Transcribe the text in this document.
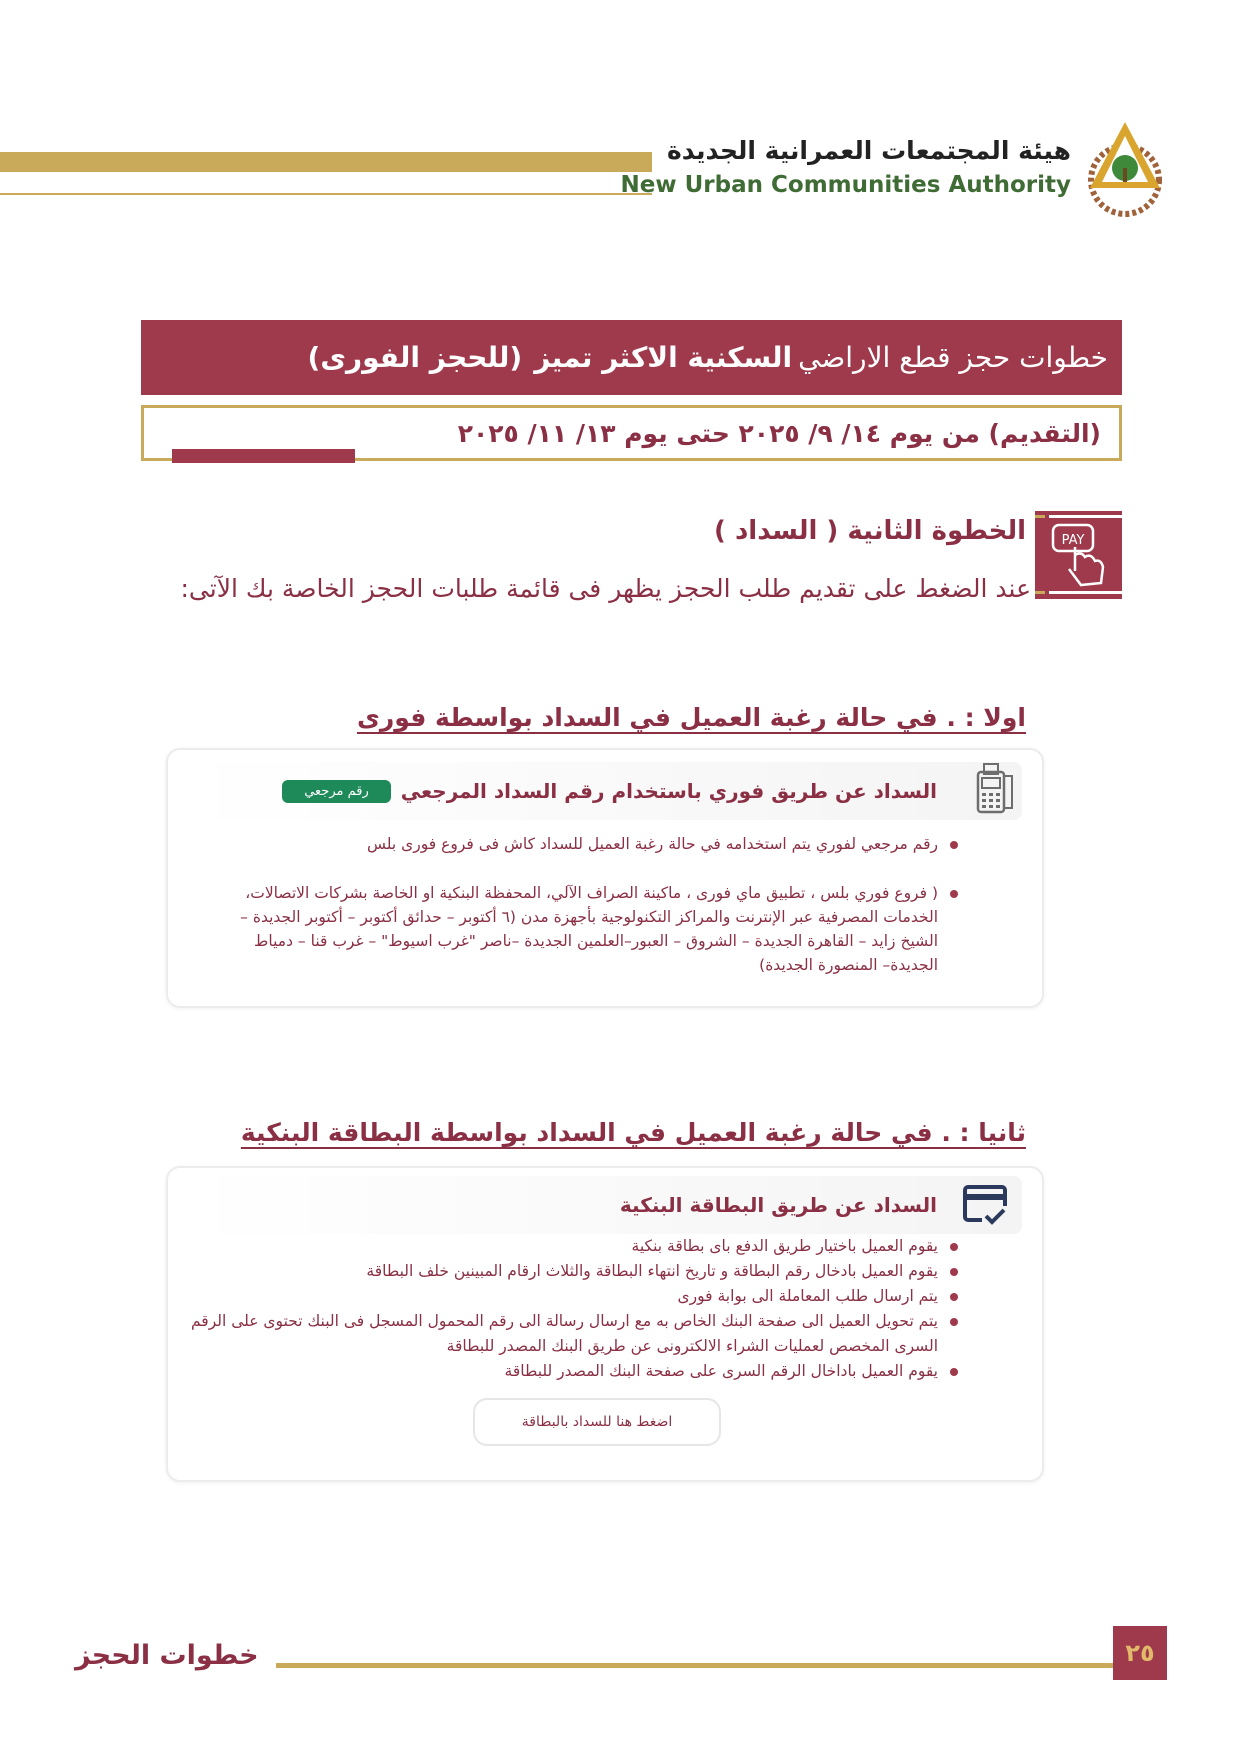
هيئة المجتمعات العمرانية الجديدة
New Urban Communities Authority
خطوات حجز قطع الاراضي
السكنية الاكثر تميز
(للحجز الفورى)
(التقديم) من يوم ١٤/ ٩/ ٢٠٢٥ حتى يوم ١٣/ ١١/ ٢٠٢٥
PAY
الخطوة الثانية ( السداد )
عند الضغط على تقديم طلب الحجز يظهر فى قائمة طلبات الحجز الخاصة بك الآتى:
اولا : . في حالة رغبة العميل في السداد بواسطة فورى
السداد عن طريق فوري باستخدام رقم السداد المرجعي
رقم مرجعي
رقم مرجعي لفوري يتم استخدامه في حالة رغبة العميل للسداد كاش فى فروع فورى بلس
( فروع فوري بلس ، تطبيق ماي فورى ، ماكينة الصراف الآلي، المحفظة البنكية او الخاصة بشركات الاتصالات، الخدمات المصرفية عبر الإنترنت والمراكز التكنولوجية بأجهزة مدن (٦ أكتوبر – حدائق أكتوبر – أكتوبر الجديدة – الشيخ زايد – القاهرة الجديدة – الشروق – العبور–العلمين الجديدة –ناصر "غرب اسيوط" – غرب قنا – دمياط الجديدة– المنصورة الجديدة)
ثانيا : . في حالة رغبة العميل في السداد بواسطة البطاقة البنكية
السداد عن طريق البطاقة البنكية
يقوم العميل باختيار طريق الدفع باى بطاقة بنكية
يقوم العميل بادخال رقم البطاقة و تاريخ انتهاء البطاقة والثلاث ارقام المبينين خلف البطاقة
يتم ارسال طلب المعاملة الى بوابة فورى
يتم تحويل العميل الى صفحة البنك الخاص به مع ارسال رسالة الى رقم المحمول المسجل فى البنك تحتوى على الرقم السرى المخصص لعمليات الشراء الالكترونى عن طريق البنك المصدر للبطاقة
يقوم العميل باداخال الرقم السرى على صفحة البنك المصدر للبطاقة
اضغط هنا للسداد بالبطاقة
خطوات الحجز	٢٥
